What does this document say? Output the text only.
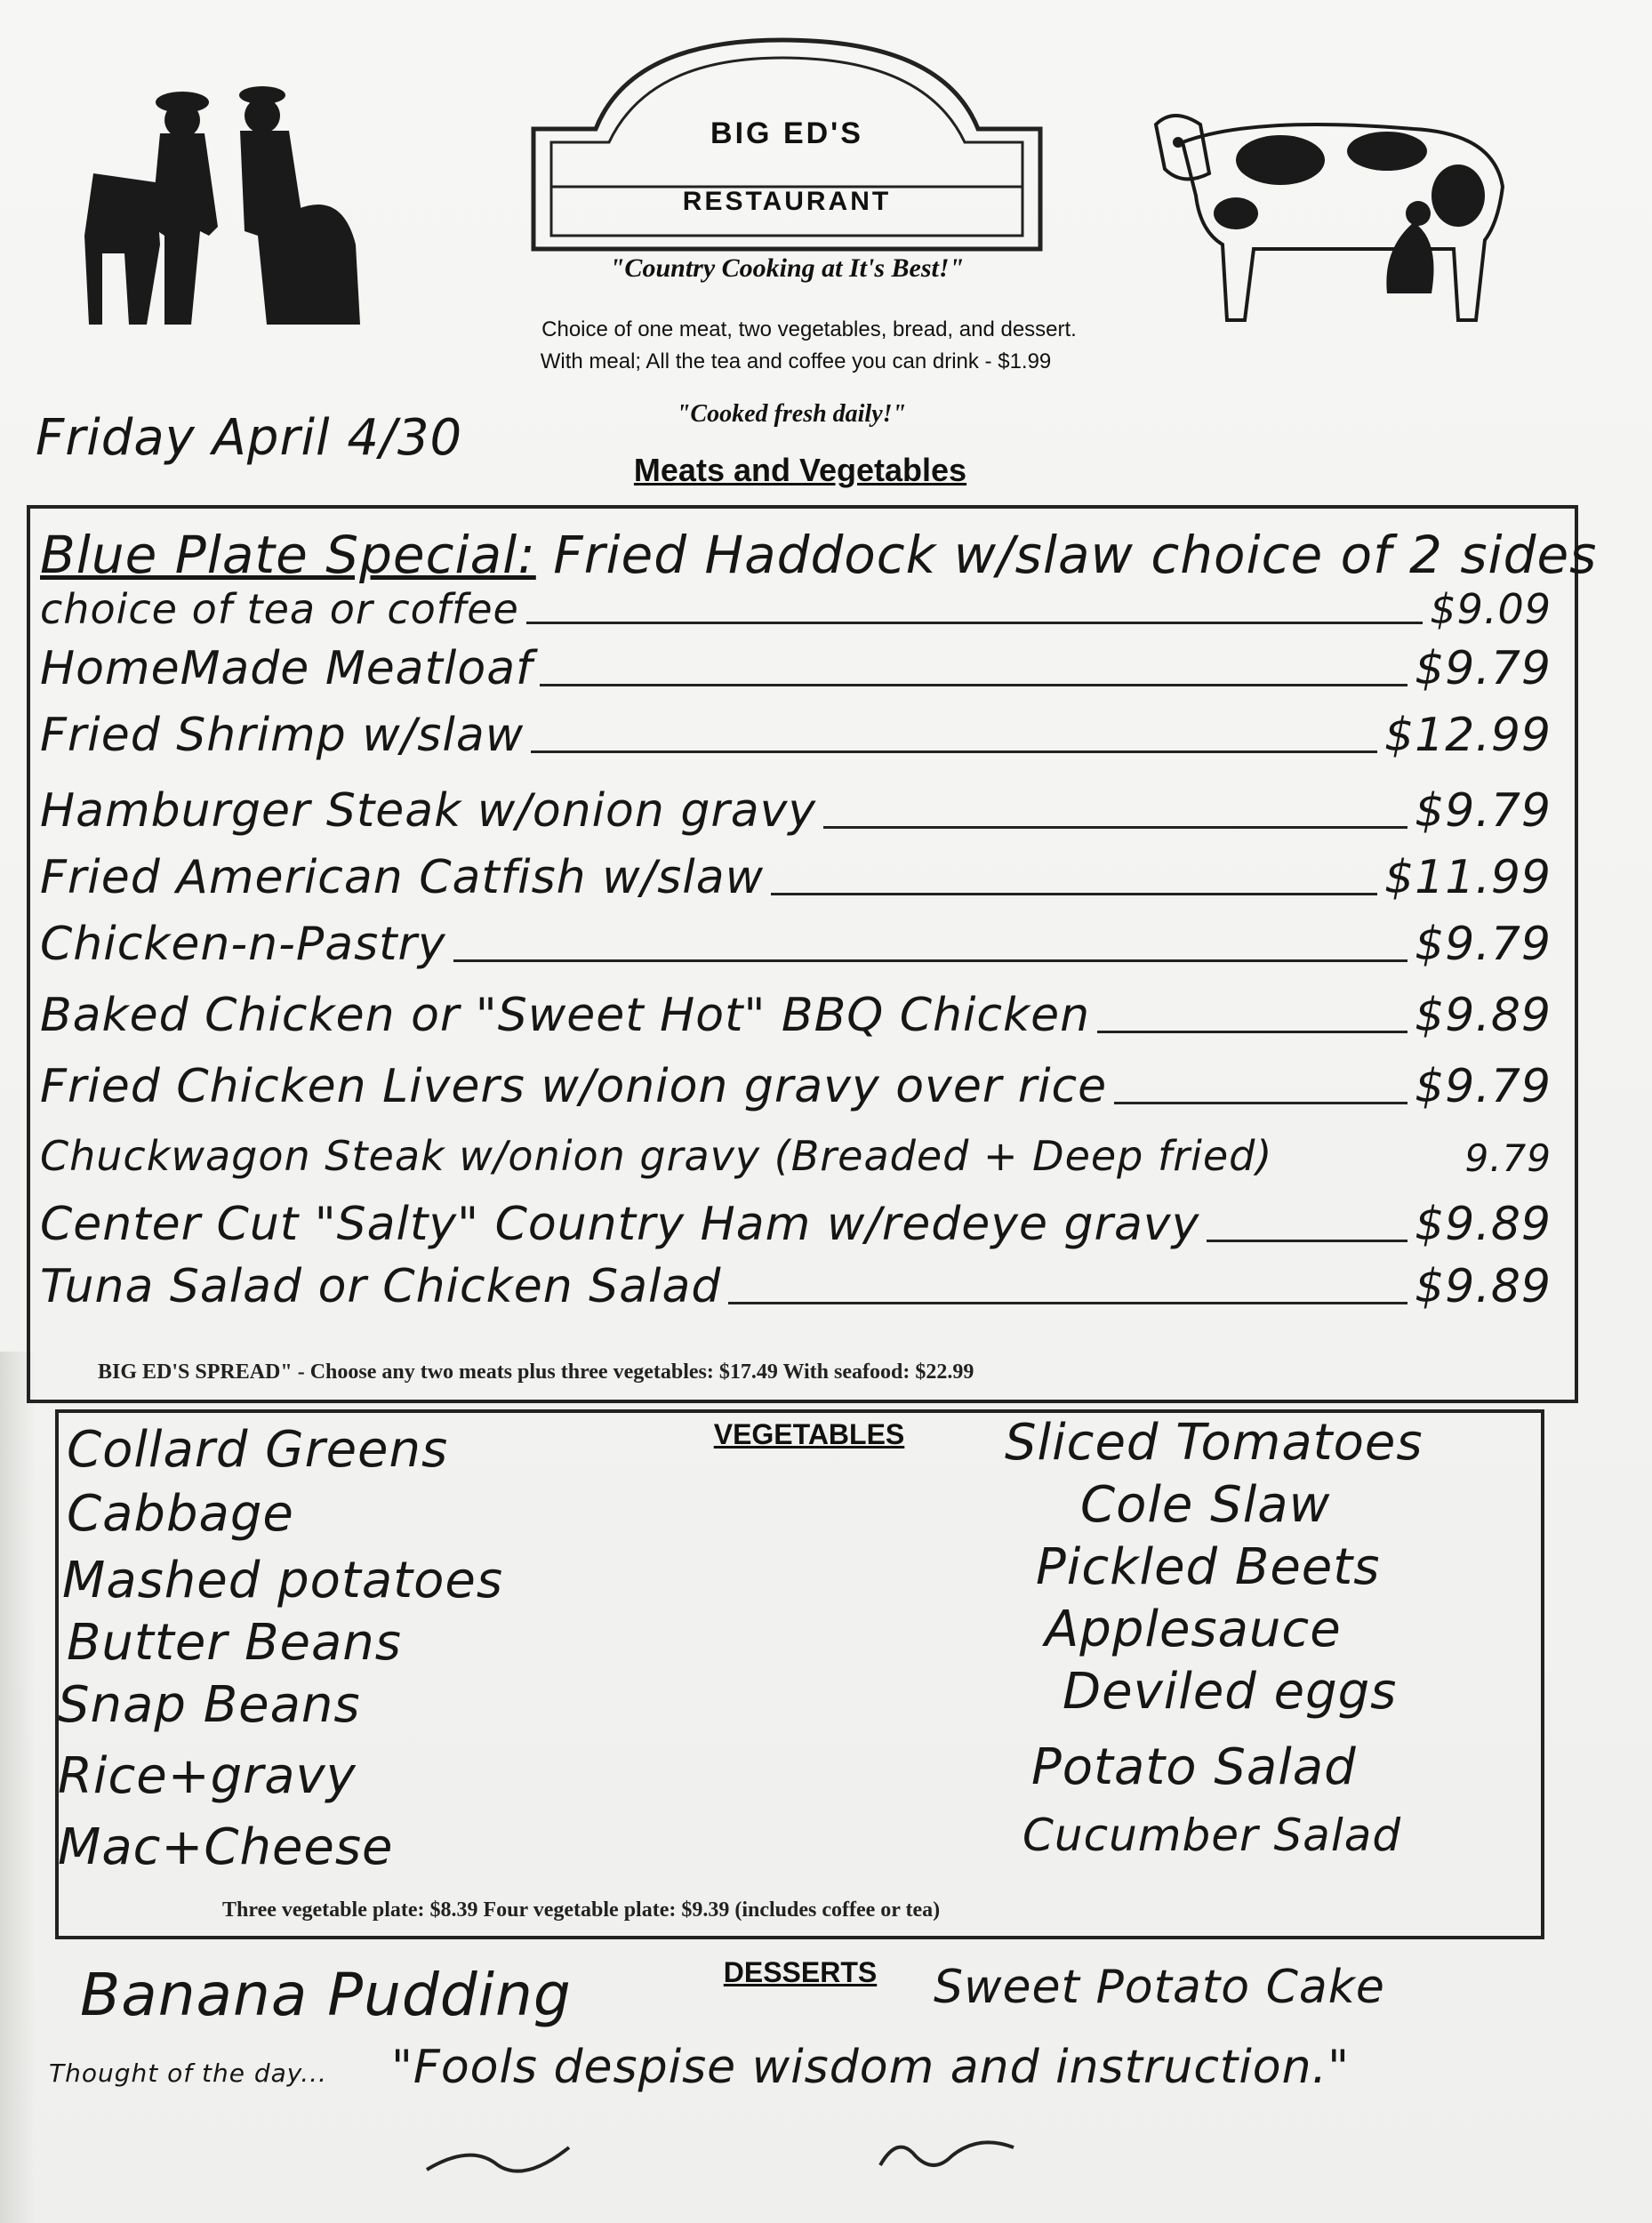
BIG ED'S
RESTAURANT
"Country Cooking at It's Best!"
Choice of one meat, two vegetables, bread, and dessert.
With meal; All the tea and coffee you can drink - $1.99
"Cooked fresh daily!"
Friday April 4/30
Meats and Vegetables
Blue Plate Special: Fried Haddock w/slaw choice of 2 sides
choice of tea or coffee	$9.09
HomeMade Meatloaf	$9.79
Fried Shrimp w/slaw	$12.99
Hamburger Steak w/onion gravy	$9.79
Fried American Catfish w/slaw	$11.99
Chicken-n-Pastry	$9.79
Baked Chicken or "Sweet Hot" BBQ Chicken	$9.89
Fried Chicken Livers w/onion gravy over rice	$9.79
Chuckwagon Steak w/onion gravy (Breaded + Deep fried)	9.79
Center Cut "Salty" Country Ham w/redeye gravy	$9.89
Tuna Salad or Chicken Salad	$9.89
BIG ED'S SPREAD" - Choose any two meats plus three vegetables: $17.49 With seafood: $22.99
VEGETABLES
Collard Greens
Cabbage
Mashed potatoes
Butter Beans
Snap Beans
Rice+gravy
Mac+Cheese
Sliced Tomatoes
Cole Slaw
Pickled Beets
Applesauce
Deviled eggs
Potato Salad
Cucumber Salad
Three vegetable plate: $8.39 Four vegetable plate: $9.39 (includes coffee or tea)
DESSERTS
Banana Pudding	Sweet Potato Cake
Thought of the day... "Fools despise wisdom and instruction."
